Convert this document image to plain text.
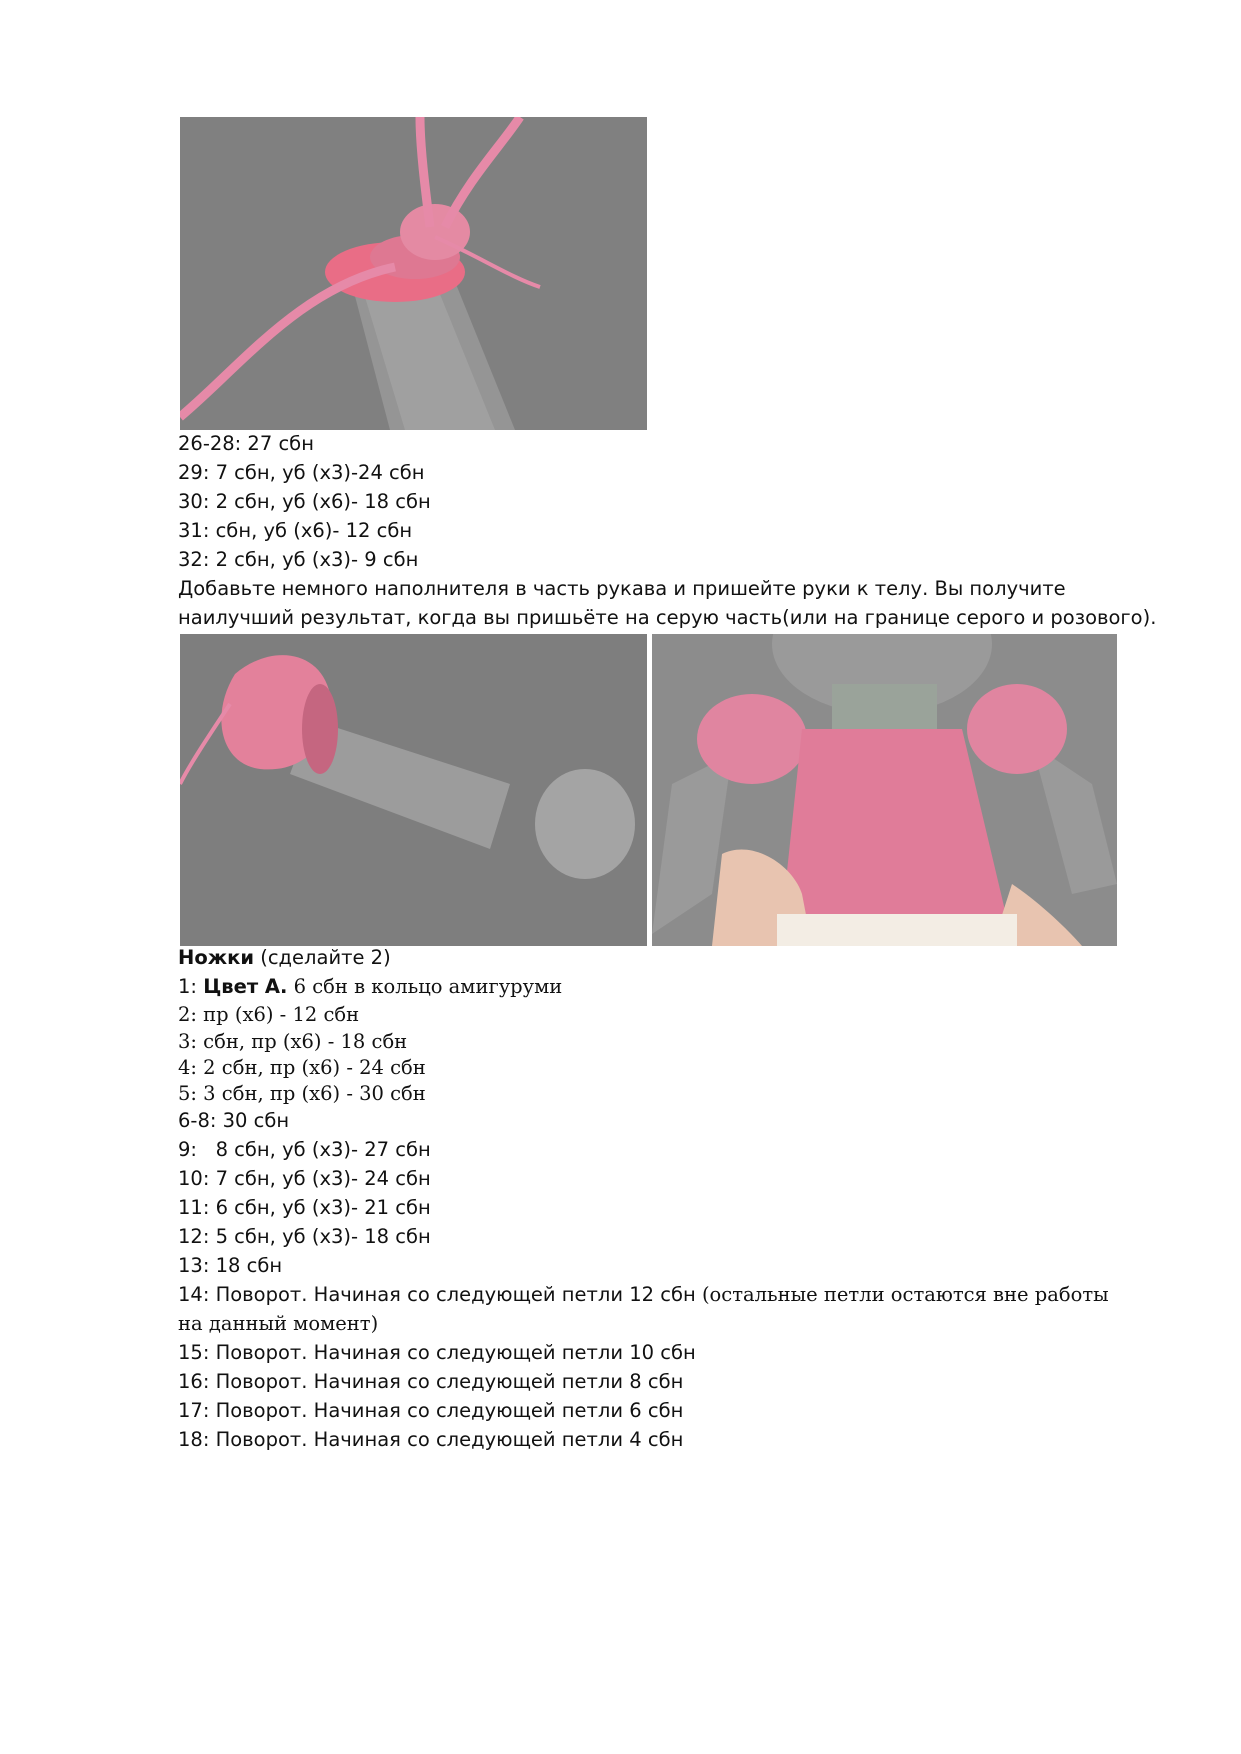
26-28: 27 сбн
29: 7 сбн, уб (х3)-24 сбн
30: 2 сбн, уб (х6)- 18 сбн
31: сбн, уб (х6)- 12 сбн
32: 2 сбн, уб (х3)- 9 сбн
Добавьте немного наполнителя в часть рукава и пришейте руки к телу. Вы получите
наилучший результат, когда вы пришьёте на серую часть(или на границе серого и розового).
Ножки (сделайте 2)
1: Цвет А. 6 сбн в кольцо амигуруми
2: пр (х6) - 12 сбн
3: сбн, пр (х6) - 18 сбн
4: 2 сбн, пр (х6) - 24 сбн
5: 3 сбн, пр (х6) - 30 сбн
6-8: 30 сбн
9:   8 сбн, уб (х3)- 27 сбн
10: 7 сбн, уб (х3)- 24 сбн
11: 6 сбн, уб (х3)- 21 сбн
12: 5 сбн, уб (х3)- 18 сбн
13: 18 сбн
14: Поворот. Начиная со следующей петли 12 сбн (остальные петли остаются вне работы
на данный момент)
15: Поворот. Начиная со следующей петли 10 сбн
16: Поворот. Начиная со следующей петли 8 сбн
17: Поворот. Начиная со следующей петли 6 сбн
18: Поворот. Начиная со следующей петли 4 сбн
